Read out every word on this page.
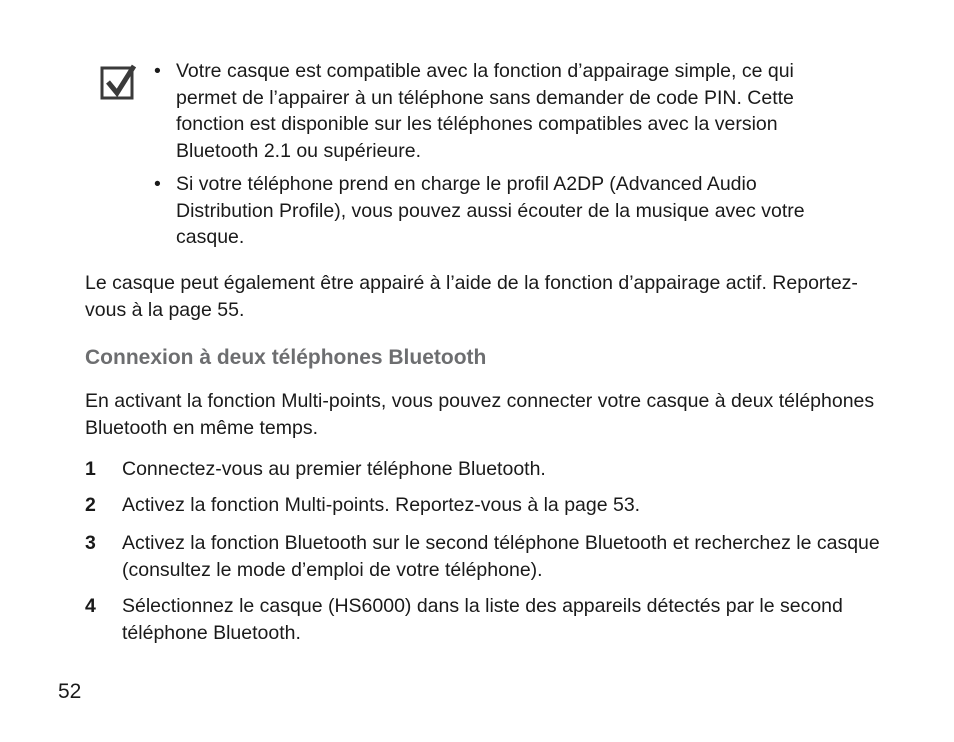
• Votre casque est compatible avec la fonction d’appairage simple, ce qui permet de l’appairer à un téléphone sans demander de code PIN. Cette fonction est disponible sur les téléphones compatibles avec la version Bluetooth 2.1 ou supérieure.
• Si votre téléphone prend en charge le profil A2DP (Advanced Audio Distribution Profile), vous pouvez aussi écouter de la musique avec votre casque.
Le casque peut également être appairé à l’aide de la fonction d’appairage actif. Reportez-vous à la page 55.
Connexion à deux téléphones Bluetooth
En activant la fonction Multi-points, vous pouvez connecter votre casque à deux téléphones Bluetooth en même temps.
1 Connectez-vous au premier téléphone Bluetooth.
2 Activez la fonction Multi-points. Reportez-vous à la page 53.
3 Activez la fonction Bluetooth sur le second téléphone Bluetooth et recherchez le casque (consultez le mode d’emploi de votre téléphone).
4 Sélectionnez le casque (HS6000) dans la liste des appareils détectés par le second téléphone Bluetooth.
52
